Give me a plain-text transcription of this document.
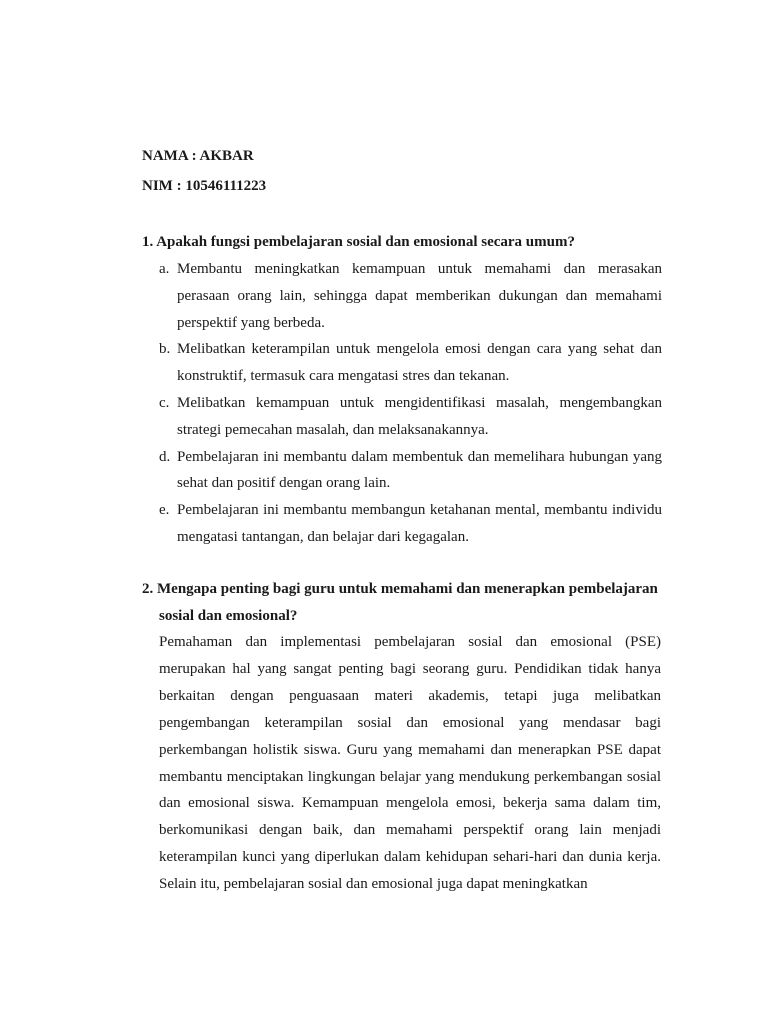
NAMA : AKBAR
NIM : 10546111223
1. Apakah fungsi pembelajaran sosial dan emosional secara umum?
a. Membantu meningkatkan kemampuan untuk memahami dan merasakan perasaan orang lain, sehingga dapat memberikan dukungan dan memahami perspektif yang berbeda.
b. Melibatkan keterampilan untuk mengelola emosi dengan cara yang sehat dan konstruktif, termasuk cara mengatasi stres dan tekanan.
c. Melibatkan kemampuan untuk mengidentifikasi masalah, mengembangkan strategi pemecahan masalah, dan melaksanakannya.
d. Pembelajaran ini membantu dalam membentuk dan memelihara hubungan yang sehat dan positif dengan orang lain.
e. Pembelajaran ini membantu membangun ketahanan mental, membantu individu mengatasi tantangan, dan belajar dari kegagalan.
2. Mengapa penting bagi guru untuk memahami dan menerapkan pembelajaran
sosial dan emosional?

Pemahaman dan implementasi pembelajaran sosial dan emosional (PSE) merupakan hal yang sangat penting bagi seorang guru. Pendidikan tidak hanya berkaitan dengan penguasaan materi akademis, tetapi juga melibatkan pengembangan keterampilan sosial dan emosional yang mendasar bagi perkembangan holistik siswa. Guru yang memahami dan menerapkan PSE dapat membantu menciptakan lingkungan belajar yang mendukung perkembangan sosial dan emosional siswa. Kemampuan mengelola emosi, bekerja sama dalam tim, berkomunikasi dengan baik, dan memahami perspektif orang lain menjadi keterampilan kunci yang diperlukan dalam kehidupan sehari-hari dan dunia kerja. Selain itu, pembelajaran sosial dan emosional juga dapat meningkatkan
